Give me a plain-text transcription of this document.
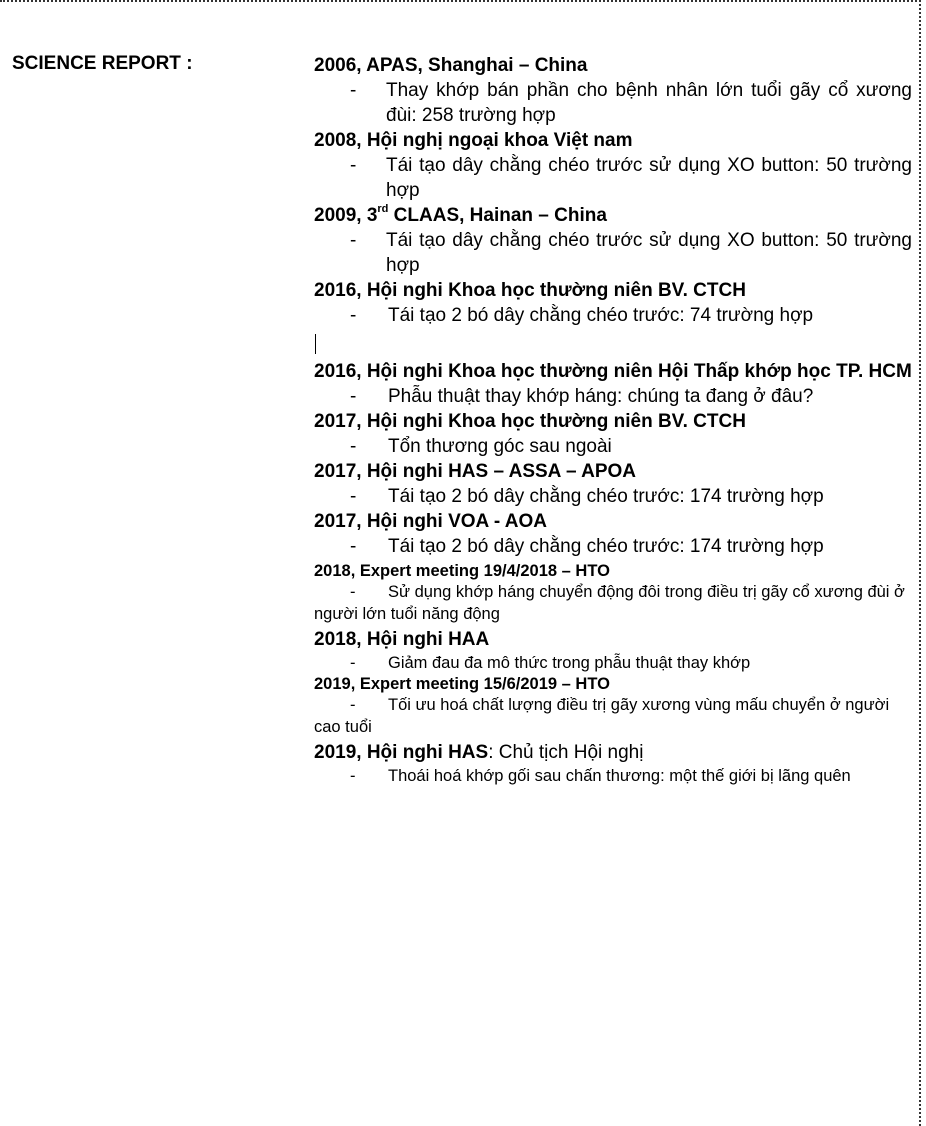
SCIENCE REPORT :	2006, APAS, Shanghai – China
- Thay khớp bán phần cho bệnh nhân lớn tuổi gãy cổ xương đùi: 258 trường hợp
2008, Hội nghị ngoại khoa Việt nam
- Tái tạo dây chằng chéo trước sử dụng XO button: 50 trường hợp
2009, 3rd CLAAS, Hainan – China
- Tái tạo dây chằng chéo trước sử dụng XO button: 50 trường hợp
2016, Hội nghi Khoa học thường niên BV. CTCH
- Tái tạo 2 bó dây chằng chéo trước: 74 trường hợp
2016, Hội nghi Khoa học thường niên Hội Thấp khớp học TP. HCM
- Phẫu thuật thay khớp háng: chúng ta đang ở đâu?
2017, Hội nghi Khoa học thường niên BV. CTCH
- Tổn thương góc sau ngoài
2017, Hội nghi HAS – ASSA – APOA
- Tái tạo 2 bó dây chằng chéo trước: 174 trường hợp
2017, Hội nghi VOA - AOA
- Tái tạo 2 bó dây chằng chéo trước: 174 trường hợp
2018, Expert meeting 19/4/2018 – HTO
- Sử dụng khớp háng chuyển động đôi trong điều trị gãy cổ xương đùi ở người lớn tuổi năng động
2018, Hội nghi HAA
- Giảm đau đa mô thức trong phẫu thuật thay khớp
2019, Expert meeting 15/6/2019 – HTO
- Tối ưu hoá chất lượng điều trị gãy xương vùng mấu chuyển ở người cao tuổi
2019, Hội nghi HAS: Chủ tịch Hội nghị
- Thoái hoá khớp gối sau chấn thương: một thế giới bị lãng quên
